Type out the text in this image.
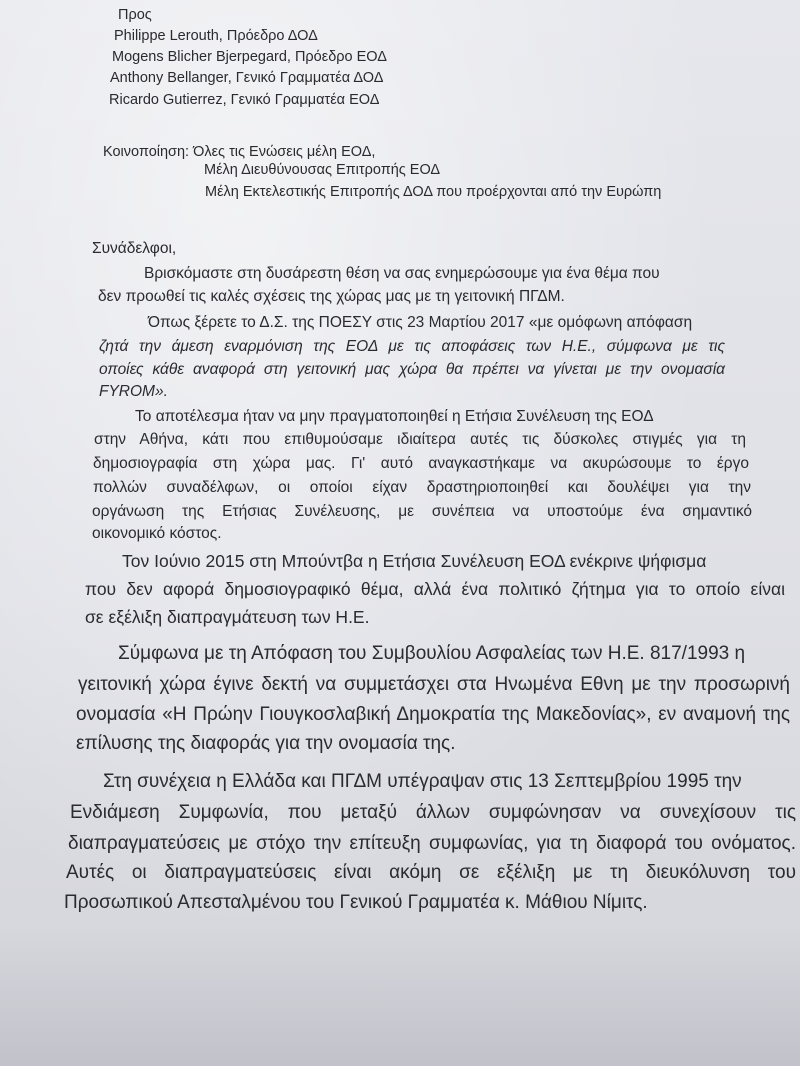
Προς
Philippe Lerouth, Πρόεδρο ΔΟΔ
Mogens Blicher Bjerpegard, Πρόεδρο ΕΟΔ
Anthony Bellanger, Γενικό Γραμματέα ΔΟΔ
Ricardo Gutierrez, Γενικό Γραμματέα ΕΟΔ
Κοινοποίηση: Όλες τις Ενώσεις μέλη ΕΟΔ,
Μέλη Διευθύνουσας Επιτροπής ΕΟΔ
Μέλη Εκτελεστικής Επιτροπής ΔΟΔ που προέρχονται από την Ευρώπη
Συνάδελφοι,
Βρισκόμαστε στη δυσάρεστη θέση να σας ενημερώσουμε για ένα θέμα που
δεν προωθεί τις καλές σχέσεις της χώρας μας με τη γειτονική ΠΓΔΜ.
Όπως ξέρετε το Δ.Σ. της ΠΟΕΣΥ στις 23 Μαρτίου 2017 «με ομόφωνη απόφαση
ζητά την άμεση εναρμόνιση της ΕΟΔ με τις αποφάσεις των Η.Ε., σύμφωνα με τις
οποίες κάθε αναφορά στη γειτονική μας χώρα θα πρέπει να γίνεται με την ονομασία
FYROM».
Το αποτέλεσμα ήταν να μην πραγματοποιηθεί η Ετήσια Συνέλευση της ΕΟΔ
στην Αθήνα, κάτι που επιθυμούσαμε ιδιαίτερα αυτές τις δύσκολες στιγμές για τη
δημοσιογραφία στη χώρα μας. Γι' αυτό αναγκαστήκαμε να ακυρώσουμε το έργο
πολλών συναδέλφων, οι οποίοι είχαν δραστηριοποιηθεί και δουλέψει για την
οργάνωση της Ετήσιας Συνέλευσης, με συνέπεια να υποστούμε ένα σημαντικό
οικονομικό κόστος.
Τον Ιούνιο 2015 στη Μπούντβα η Ετήσια Συνέλευση ΕΟΔ ενέκρινε ψήφισμα
που δεν αφορά δημοσιογραφικό θέμα, αλλά ένα πολιτικό ζήτημα για το οποίο είναι
σε εξέλιξη διαπραγμάτευση των Η.Ε.
Σύμφωνα με τη Απόφαση του Συμβουλίου Ασφαλείας των Η.Ε. 817/1993 η
γειτονική χώρα έγινε δεκτή να συμμετάσχει στα Ηνωμένα Εθνη με την προσωρινή
ονομασία «Η Πρώην Γιουγκοσλαβική Δημοκρατία της Μακεδονίας», εν αναμονή της
επίλυσης της διαφοράς για την ονομασία της.
Στη συνέχεια η Ελλάδα και ΠΓΔΜ υπέγραψαν στις 13 Σεπτεμβρίου 1995 την
Ενδιάμεση Συμφωνία, που μεταξύ άλλων συμφώνησαν να συνεχίσουν τις
διαπραγματεύσεις με στόχο την επίτευξη συμφωνίας, για τη διαφορά του ονόματος.
Αυτές οι διαπραγματεύσεις είναι ακόμη σε εξέλιξη με τη διευκόλυνση του
Προσωπικού Απεσταλμένου του Γενικού Γραμματέα κ. Μάθιου Νίμιτς.
